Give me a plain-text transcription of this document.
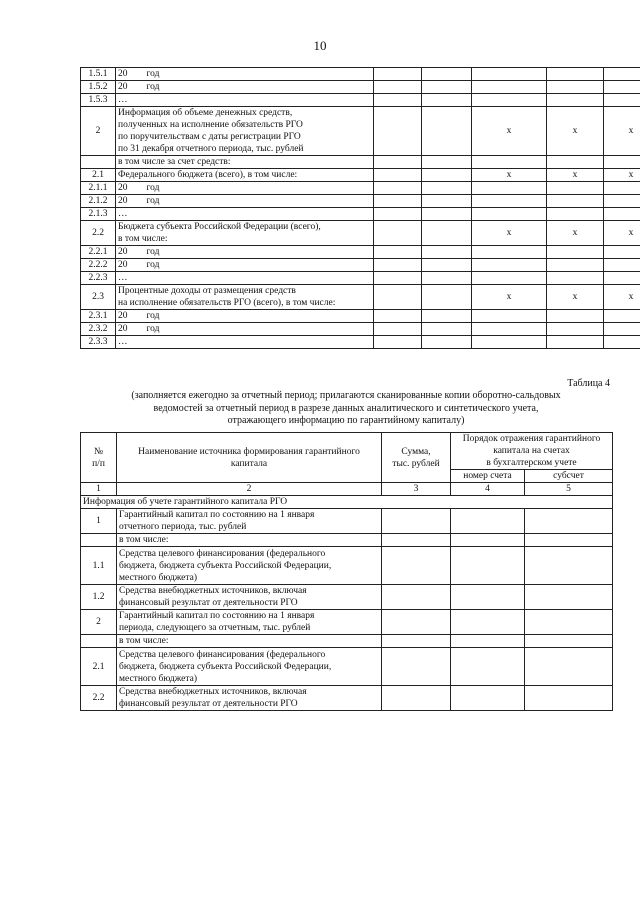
10
1.5.1	20        год					
1.5.2	20        год					
1.5.3	…					
2	Информация об объеме денежных средств,
полученных на исполнение обязательств РГО
по поручительствам с даты регистрации РГО
по 31 декабря отчетного периода, тыс. рублей			x	x	x
	в том числе за счет средств:					
2.1	Федерального бюджета (всего), в том числе:			x	x	x
2.1.1	20        год					
2.1.2	20        год					
2.1.3	…					
2.2	Бюджета субъекта Российской Федерации (всего),
в том числе:			x	x	x
2.2.1	20        год					
2.2.2	20        год					
2.2.3	…					
2.3	Процентные доходы от размещения средств
на исполнение обязательств РГО (всего), в том числе:			x	x	x
2.3.1	20        год					
2.3.2	20        год					
2.3.3	…					
Таблица 4
(заполняется ежегодно за отчетный период; прилагаются сканированные копии оборотно-сальдовых
ведомостей за отчетный период в разрезе данных аналитического и синтетического учета,
отражающего информацию по гарантийному капиталу)
№
п/п	Наименование источника формирования гарантийного капитала	Сумма,
тыс. рублей	Порядок отражения гарантийного
капитала на счетах
в бухгалтерском учете	
			номер счета	субсчет
1	2	3	4	5
Информация об учете гарантийного капитала РГО				
1	Гарантийный капитал по состоянию на 1 января
отчетного периода, тыс. рублей			
	в том числе:			
1.1	Средства целевого финансирования (федерального
бюджета, бюджета субъекта Российской Федерации,
местного бюджета)			
1.2	Средства внебюджетных источников, включая
финансовый результат от деятельности РГО			
2	Гарантийный капитал по состоянию на 1 января
периода, следующего за отчетным, тыс. рублей			
	в том числе:			
2.1	Средства целевого финансирования (федерального
бюджета, бюджета субъекта Российской Федерации,
местного бюджета)			
2.2	Средства внебюджетных источников, включая
финансовый результат от деятельности РГО			
